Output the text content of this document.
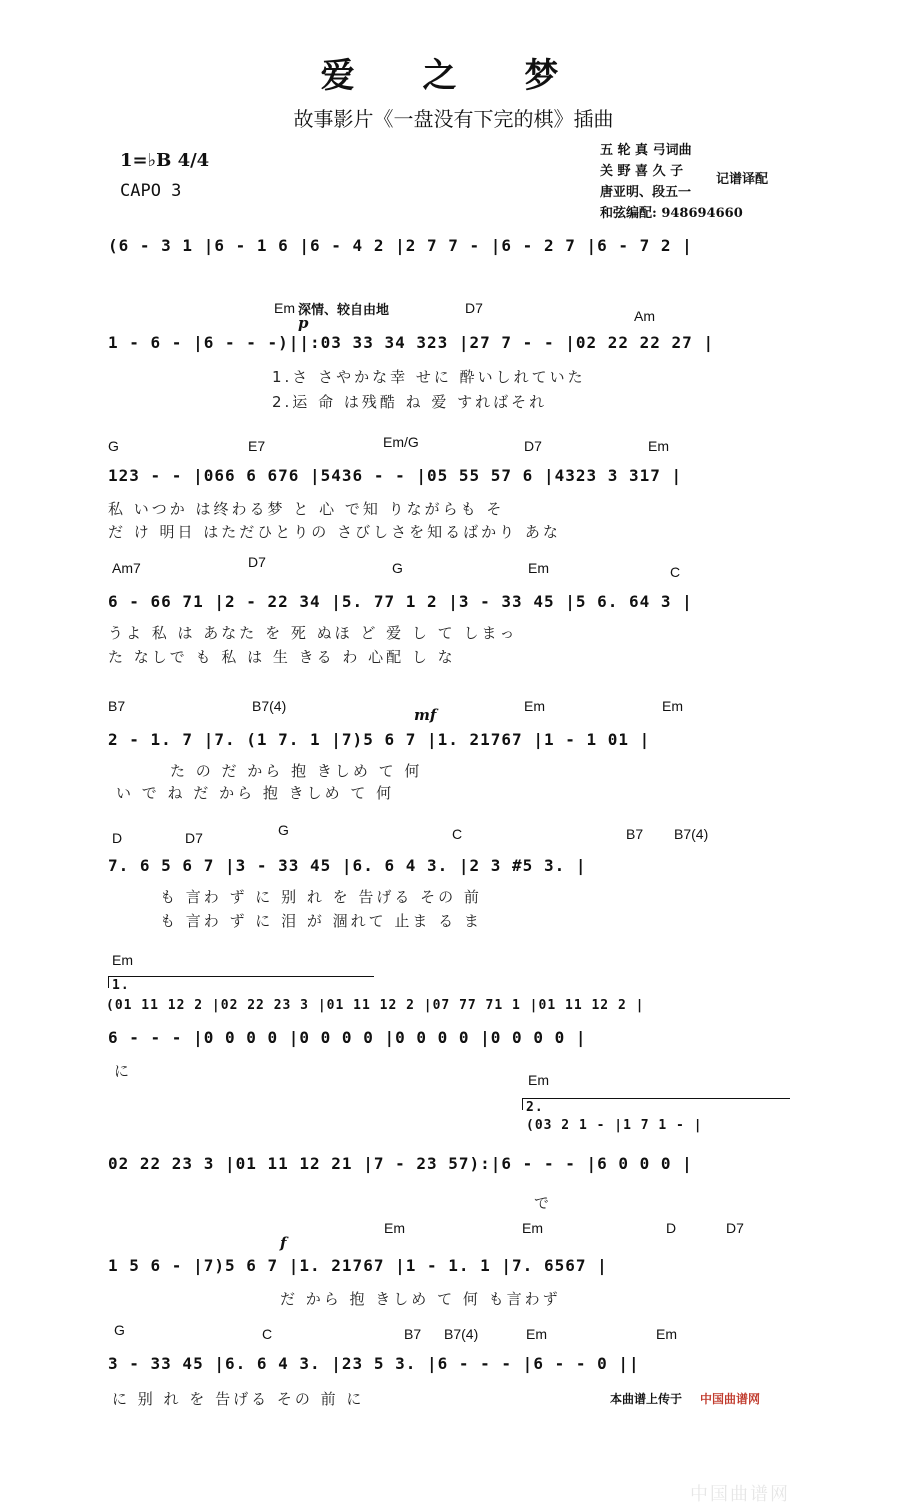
爱 之 梦
故事影片《一盘没有下完的棋》插曲
1=♭B 4/4
CAPO 3
五 轮 真 弓词曲
关 野 喜 久 子
记谱译配
唐亚明、段五一
和弦编配: 948694660
(6 - 3 1 |6 - 1 6 |6 - 4 2 |2 7 7 - |6 - 2 7 |6 - 7 2 |
Em 深情、较自由地
p
D7	Am
1 - 6 - |6 - - -)||:03 33 34 323 |27 7 - - |02 22 22 27 |
1.さ さやかな幸 せに 酔いしれていた
2.运 命 は残酷 ね 爱 すればそれ
G	E7	Em/G	D7	Em
123 - - |066 6 676 |5436 - - |05 55 57 6 |4323 3 317 |
私 いつか は终わる梦 と 心 で知 りながらも そ
だ け 明日 はただひとりの さびしさを知るばかり あな
Am7	D7	G	Em	C
6 - 66 71 |2 - 22 34 |5. 77 1 2 |3 - 33 45 |5 6. 64 3 |
うよ 私 は あなた を 死 ぬほ ど 爱 し て しまっ
た なしで も 私 は 生 きる わ 心配 し な
B7	B7(4)	mf	Em	Em
2 - 1. 7 |7. (1 7. 1 |7)5 6 7 |1. 21767 |1 - 1 01 |
た の だ から 抱 きしめ て 何
い で ね だ から 抱 きしめ て 何
D	D7	G	C	B7 B7(4)
7. 6 5 6 7 |3 - 33 45 |6. 6 4 3. |2 3 #5 3. |
も 言わ ず に 别 れ を 告げる その 前
も 言わ ず に 泪 が 涸れて 止ま る ま
Em
1.
(01 11 12 2 |02 22 23 3 |01 11 12 2 |07 77 71 1 |01 11 12 2 |
6 - - - |0 0 0 0 |0 0 0 0 |0 0 0 0 |0 0 0 0 |
に	Em
2.
(03 2 1 - |1 7 1 - |
02 22 23 3 |01 11 12 21 |7 - 23 57):|6 - - - |6 0 0 0 |
で
f
Em	Em	D	D7
1 5 6 - |7)5 6 7 |1. 21767 |1 - 1. 1 |7. 6567 |
だ から 抱 きしめ て 何 も言わず
G	C	B7 B7(4)	Em	Em
3 - 33 45 |6. 6 4 3. |23 5 3. |6 - - - |6 - - 0 ||
に 别 れ を 告げる その 前 に	本曲谱上传于 中国曲谱网
中国曲谱网
